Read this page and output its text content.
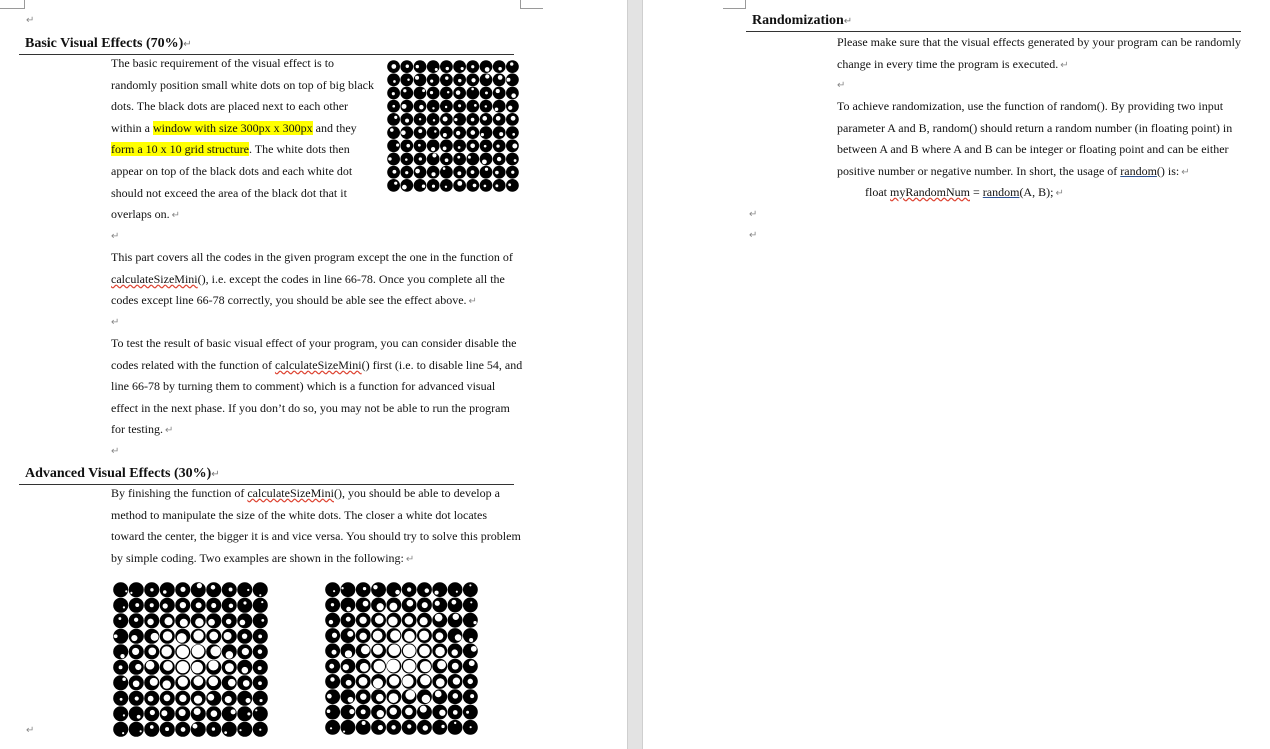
↵
Basic Visual Effects (70%)↵

The basic requirement of the visual effect is to randomly position small white dots on top of big black dots. The black dots are placed next to each other within a window with size 300px x 300px and they form a 10 x 10 grid structure. The white dots then appear on top of the black dots and each white dot should not exceed the area of the black dot that it overlaps on. ↵

↵

This part covers all the codes in the given program except the one in the function of calculateSizeMini(), i.e. except the codes in line 66-78. Once you complete all the codes except line 66-78 correctly, you should be able see the effect above. ↵

↵

To test the result of basic visual effect of your program, you can consider disable the codes related with the function of calculateSizeMini() first (i.e. to disable line 54, and line 66-78 by turning them to comment) which is a function for advanced visual effect in the next phase. If you don’t do so, you may not be able to run the program for testing. ↵

↵
Advanced Visual Effects (30%)↵

By finishing the function of calculateSizeMini(), you should be able to develop a method to manipulate the size of the white dots. The closer a white dot locates toward the center, the bigger it is and vice versa. You should try to solve this problem by simple coding. Two examples are shown in the following: ↵

↵
Randomization↵

Please make sure that the visual effects generated by your program can be randomly change in every time the program is executed. ↵

↵

To achieve randomization, use the function of random(). By providing two input parameter A and B, random() should return a random number (in floating point) in between A and B where A and B can be integer or floating point and can be either positive number or negative number. In short, the usage of random() is: ↵

float myRandomNum = random(A, B); ↵

↵
↵
